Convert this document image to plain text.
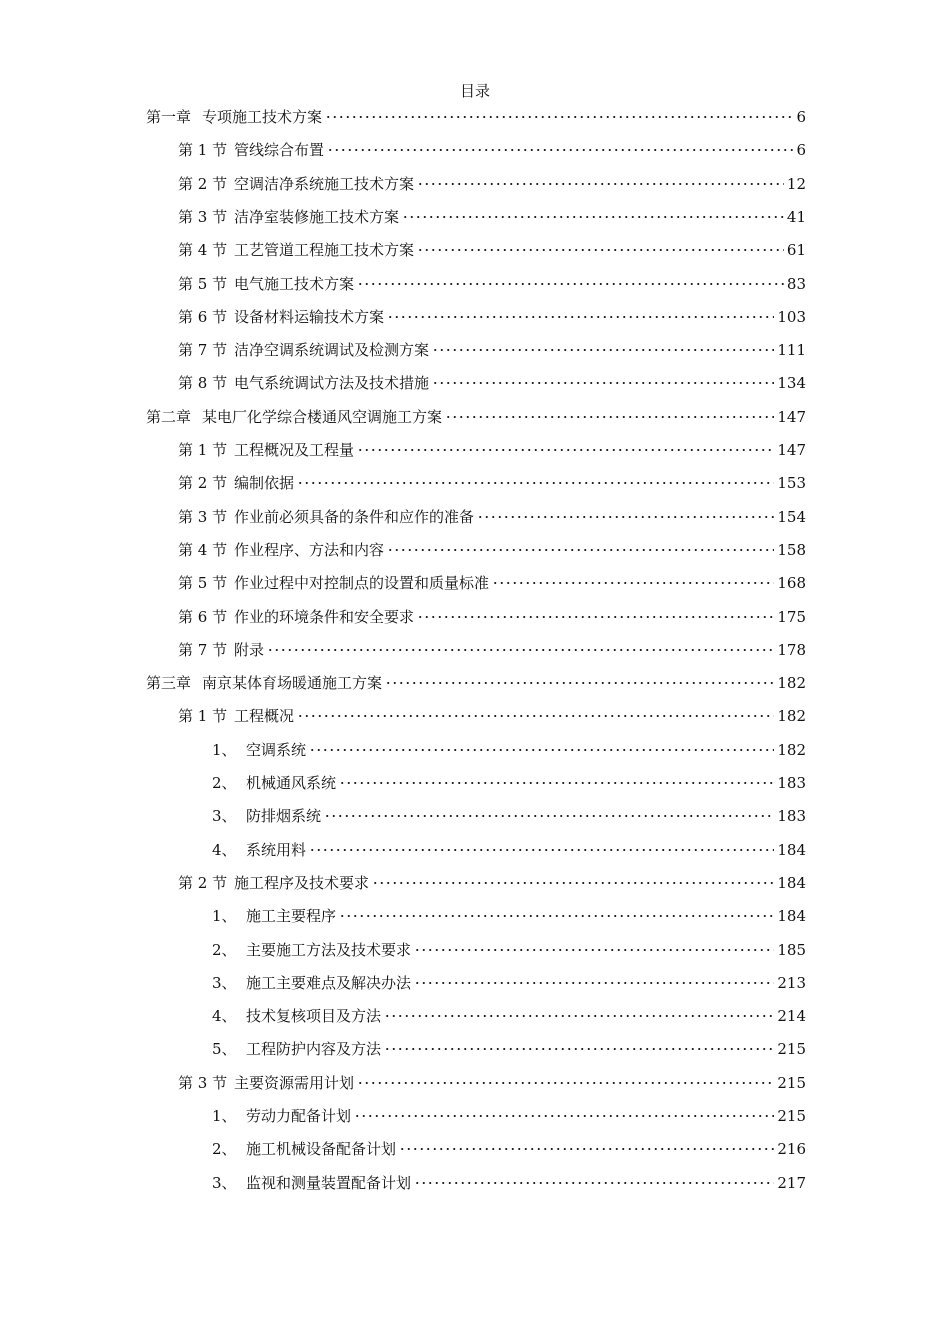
目录
第一章 专项施工技术方案	6
第 1 节 管线综合布置	6
第 2 节 空调洁净系统施工技术方案	12
第 3 节 洁净室装修施工技术方案	41
第 4 节 工艺管道工程施工技术方案	61
第 5 节 电气施工技术方案	83
第 6 节 设备材料运输技术方案	103
第 7 节 洁净空调系统调试及检测方案	111
第 8 节 电气系统调试方法及技术措施	134
第二章 某电厂化学综合楼通风空调施工方案	147
第 1 节 工程概况及工程量	147
第 2 节 编制依据	153
第 3 节 作业前必须具备的条件和应作的准备	154
第 4 节 作业程序、方法和内容	158
第 5 节 作业过程中对控制点的设置和质量标准	168
第 6 节 作业的环境条件和安全要求	175
第 7 节 附录	178
第三章 南京某体育场暖通施工方案	182
第 1 节 工程概况	182
1、 空调系统	182
2、 机械通风系统	183
3、 防排烟系统	183
4、 系统用料	184
第 2 节 施工程序及技术要求	184
1、 施工主要程序	184
2、 主要施工方法及技术要求	185
3、 施工主要难点及解决办法	213
4、 技术复核项目及方法	214
5、 工程防护内容及方法	215
第 3 节 主要资源需用计划	215
1、 劳动力配备计划	215
2、 施工机械设备配备计划	216
3、 监视和测量装置配备计划	217
